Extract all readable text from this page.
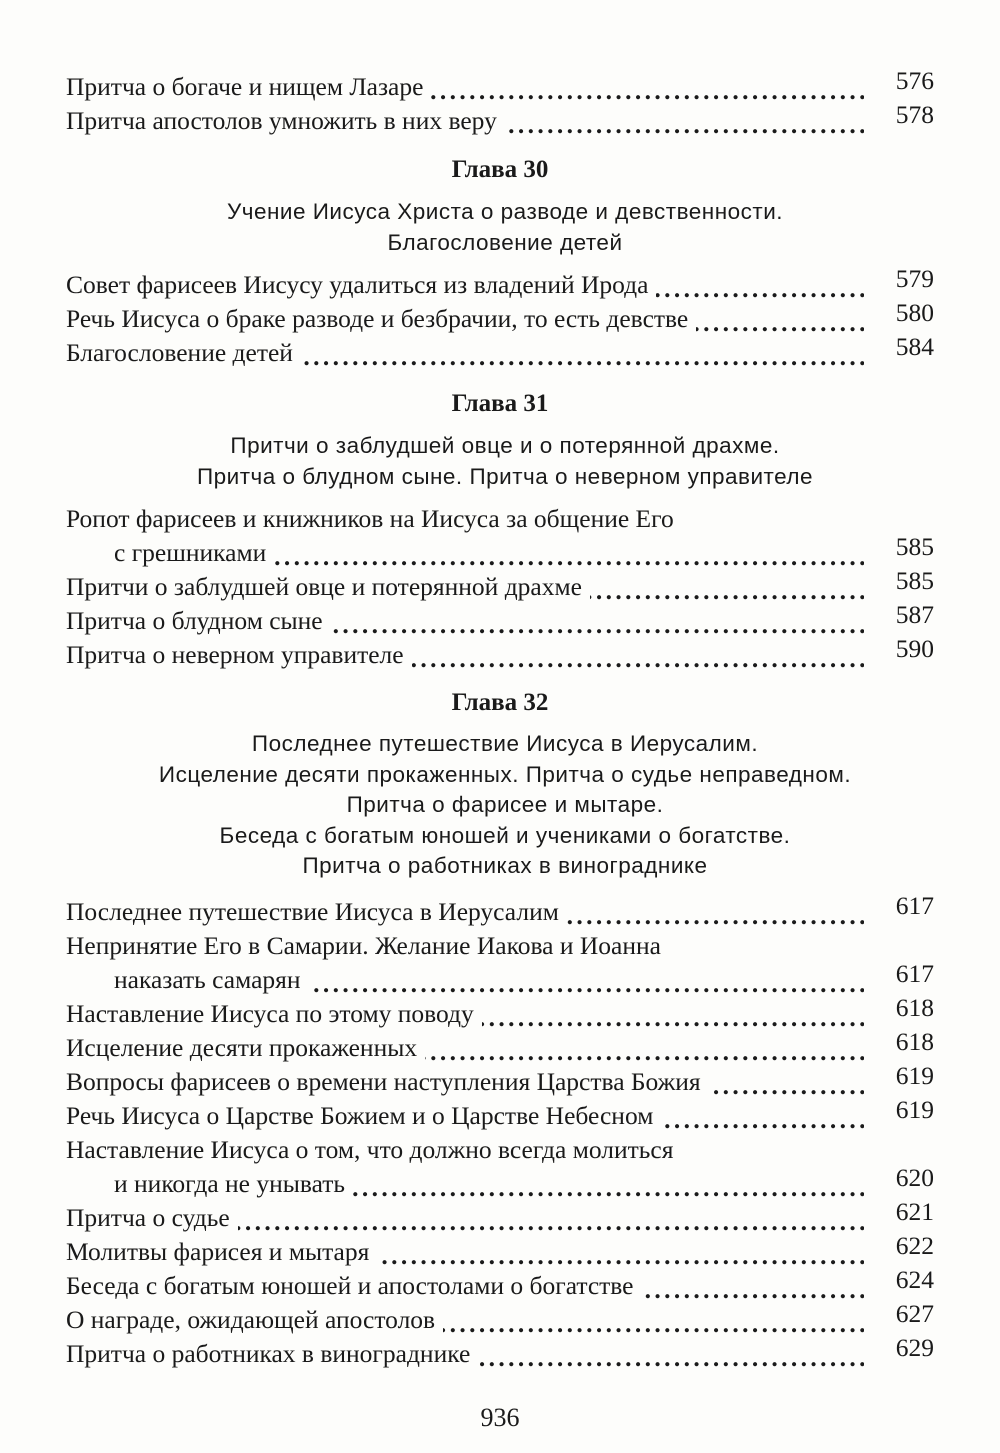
Притча о богаче и нищем Лазаре . . .	576
Притча апостолов умножить в них веру . . .	578
Глава 30
Учение Иисуса Христа о разводе и девственности.
Благословение детей
Совет фарисеев Иисусу удалиться из владений Ирода . . .	579
Речь Иисуса о браке разводе и безбрачии, то есть девстве . . .	580
Благословение детей . . .	584
Глава 31
Притчи о заблудшей овце и о потерянной драхме.
Притча о блудном сыне. Притча о неверном управителе
Ропот фарисеев и книжников на Иисуса за общение Его
с грешниками . . .	585
Притчи о заблудшей овце и потерянной драхме . . .	585
Притча о блудном сыне . . .	587
Притча о неверном управителе . . .	590
Глава 32
Последнее путешествие Иисуса в Иерусалим.
Исцеление десяти прокаженных. Притча о судье неправедном.
Притча о фарисее и мытаре.
Беседа с богатым юношей и учениками о богатстве.
Притча о работниках в винограднике
Последнее путешествие Иисуса в Иерусалим . . .	617
Непринятие Его в Самарии. Желание Иакова и Иоанна
наказать самарян . . .	617
Наставление Иисуса по этому поводу . . .	618
Исцеление десяти прокаженных . . .	618
Вопросы фарисеев о времени наступления Царства Божия . . .	619
Речь Иисуса о Царстве Божием и о Царстве Небесном . . .	619
Наставление Иисуса о том, что должно всегда молиться
и никогда не унывать . . .	620
Притча о судье . . .	621
Молитвы фарисея и мытаря . . .	622
Беседа с богатым юношей и апостолами о богатстве . . .	624
О награде, ожидающей апостолов . . .	627
Притча о работниках в винограднике . . .	629
936
